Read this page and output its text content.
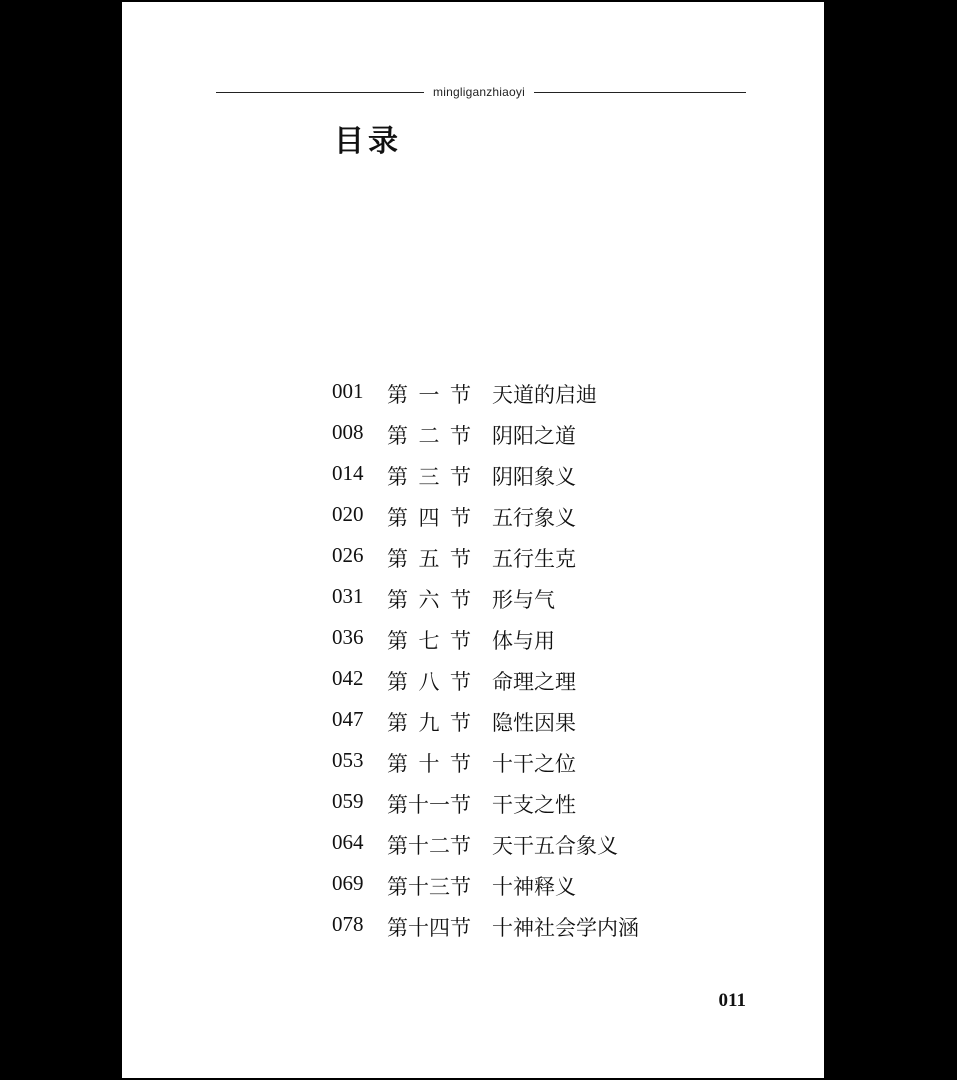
mingliganzhiaoyi
目录
001	第 一 节 天道的启迪
008	第 二 节 阴阳之道
014	第 三 节 阴阳象义
020	第 四 节 五行象义
026	第 五 节 五行生克
031	第 六 节 形与气
036	第 七 节 体与用
042	第 八 节 命理之理
047	第 九 节 隐性因果
053	第 十 节 十干之位
059	第十一节 干支之性
064	第十二节 天干五合象义
069	第十三节 十神释义
078	第十四节 十神社会学内涵
011
